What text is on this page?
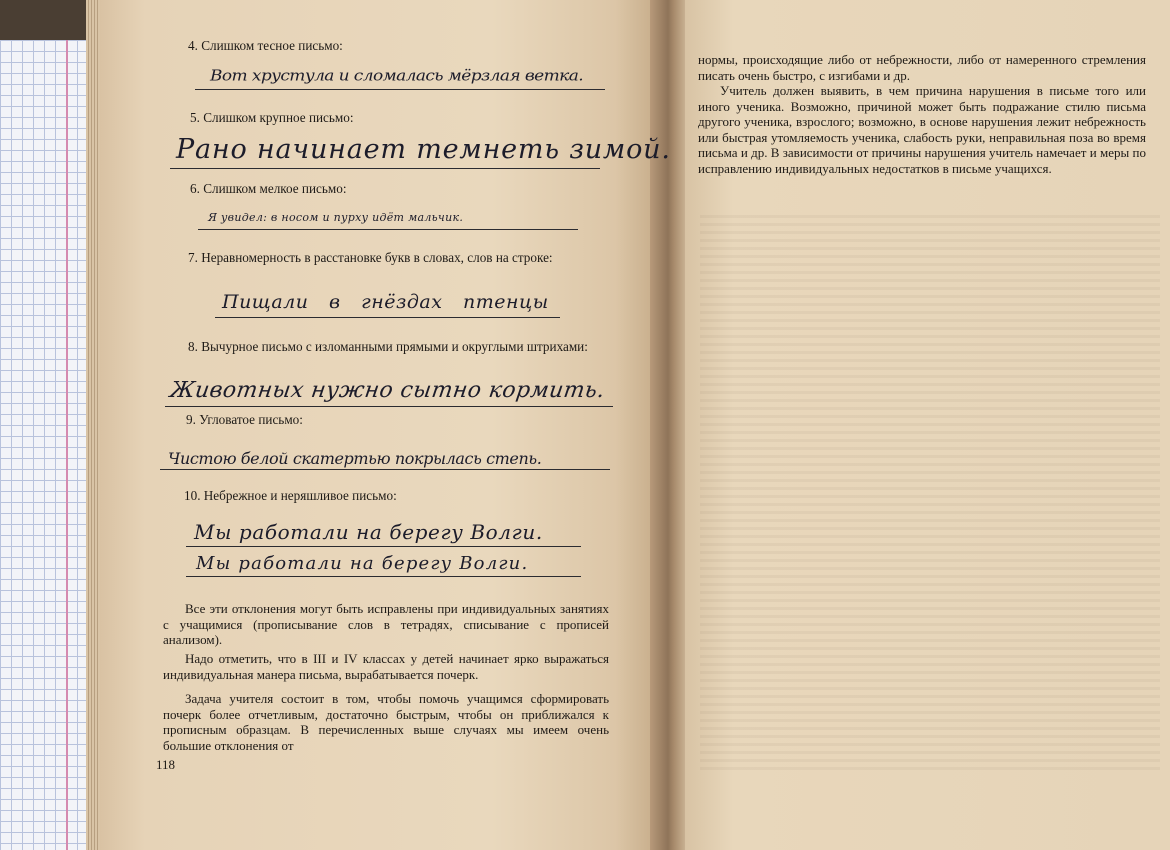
4. Слишком тесное письмо:
Вот хрустула и сломалась мёрзлая ветка.
5. Слишком крупное письмо:
Рано начинает темнеть зимой.
6. Слишком мелкое письмо:
Я увидел: в носом и пурху идёт мальчик.
7. Неравномерность в расстановке букв в словах, слов на строке:
Пищали в гнёздах птенцы
8. Вычурное письмо с изломанными прямыми и округлыми штрихами:
Животных нужно сытно кормить.
9. Угловатое письмо:
Чистою белой скатертью покрылась степь.
10. Небрежное и неряшливое письмо:
Мы работали на берегу Волги.
Мы работали на берегу Волги.
Все эти отклонения могут быть исправлены при индивидуальных занятиях с учащимися (прописывание слов в тетрадях, списывание с прописей анализом).
Надо отметить, что в III и IV классах у детей начинает ярко выражаться индивидуальная манера письма, вырабатывается почерк.
Задача учителя состоит в том, чтобы помочь учащимся сформировать почерк более отчетливым, достаточно быстрым, чтобы он приближался к прописным образцам. В перечисленных выше случаях мы имеем очень большие отклонения от
118
нормы, происходящие либо от небрежности, либо от намеренного стремления писать очень быстро, с изгибами и др.
Учитель должен выявить, в чем причина нарушения в письме того или иного ученика. Возможно, причиной может быть подражание стилю письма другого ученика, взрослого; возможно, в основе нарушения лежит небрежность или быстрая утомляемость ученика, слабость руки, неправильная поза во время письма и др. В зависимости от причины нарушения учитель намечает и меры по исправлению индивидуальных недостатков в письме учащихся.
